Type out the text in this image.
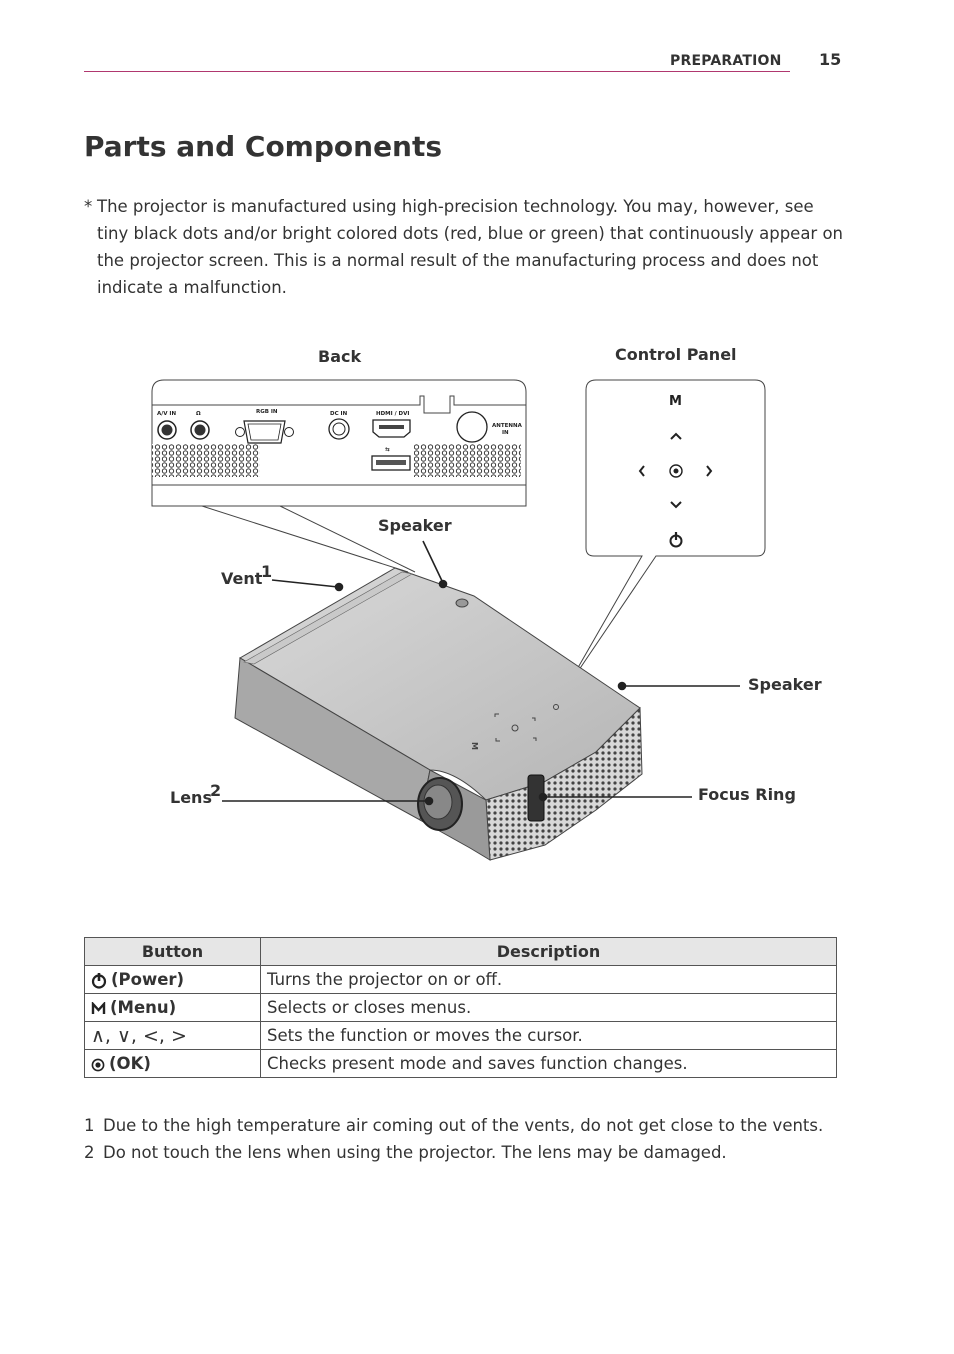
PREPARATION 15
Parts and Components
* The projector is manufactured using high-precision technology. You may, however, see tiny black dots and/or bright colored dots (red, blue or green) that continuously appear on the projector screen. This is a normal result of the manufacturing process and does not indicate a malfunction.
A/V IN	Ω	RGB IN	DC IN	HDMI / DVI
ANTENNA
IN
⇆
M
M
Back	Control Panel
Speaker
Vent
1
Speaker
Lens
2	Focus Ring
Button	Description
(Power)	Turns the projector on or off.
(Menu)	Selects or closes menus.
∧, ∨, <, >	Sets the function or moves the cursor.
(OK)	Checks present mode and saves function changes.
1 Due to the high temperature air coming out of the vents, do not get close to the vents.
2 Do not touch the lens when using the projector. The lens may be damaged.
